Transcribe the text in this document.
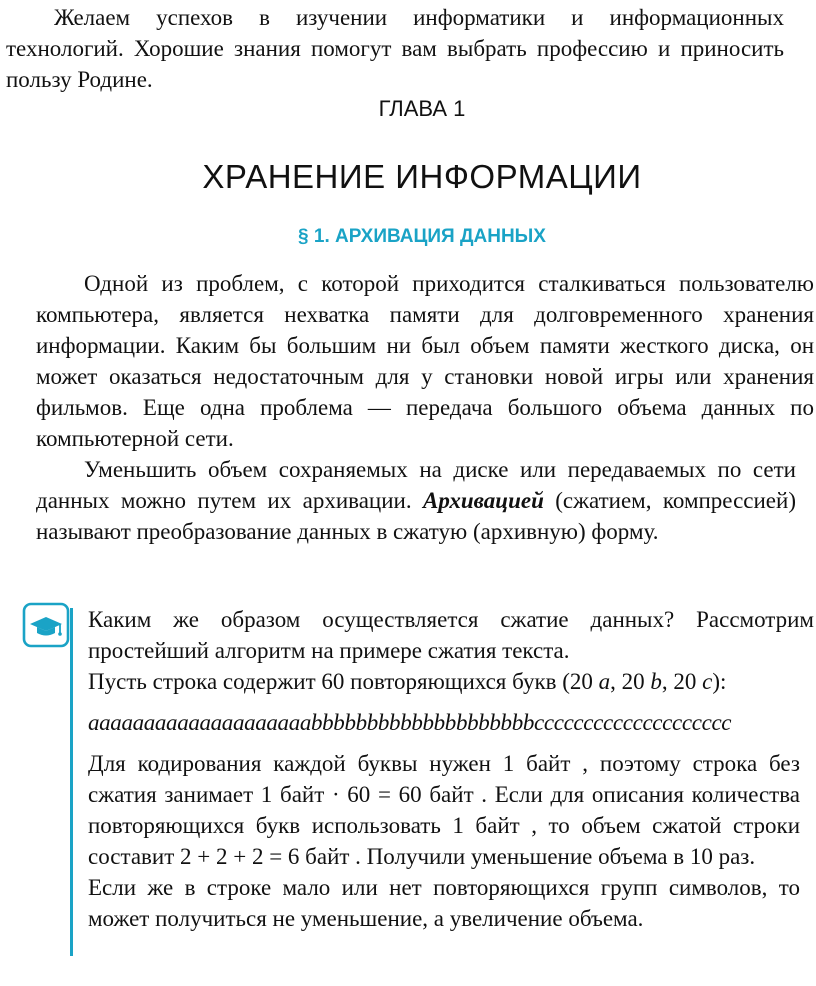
Желаем успехов в изучении информатики и информационных технологий. Хорошие знания помогут вам выбрать профессию и приносить пользу Родине.

ГЛАВА 1
ХРАНЕНИЕ ИНФОРМАЦИИ
§ 1. АРХИВАЦИЯ ДАННЫХ

Одной из проблем, с которой приходится сталкиваться пользователю компьютера, является нехватка памяти для долговременного хранения информации. Каким бы большим ни был объем памяти жесткого диска, он может оказаться недостаточным для у становки новой игры или хранения фильмов. Еще одна проблема — передача большого объема данных по компьютерной сети.

Уменьшить объем сохраняемых на диске или передаваемых по сети данных можно путем их архивации. Архивацией (сжатием, компрессией) называют преобразование данных в сжатую (архивную) форму.

Каким же образом осуществляется сжатие данных? Рассмотрим простейший алгоритм на примере сжатия текста.

Пусть строка содержит 60 повторяющихся букв (20 a, 20 b, 20 c):

aaaaaaaaaaaaaaaaaaaabbbbbbbbbbbbbbbbbbbbcccccccccccccccccccc

Для кодирования каждой буквы нужен 1 байт , поэтому строка без сжатия занимает 1 байт · 60 = 60 байт . Если для описания количества повторяющихся букв использовать 1 байт , то объем сжатой строки составит 2 + 2 + 2 = 6 байт . Получили уменьшение объема в 10 раз.

Если же в строке мало или нет повторяющихся групп символов, то может получиться не уменьшение, а увеличение объема.
